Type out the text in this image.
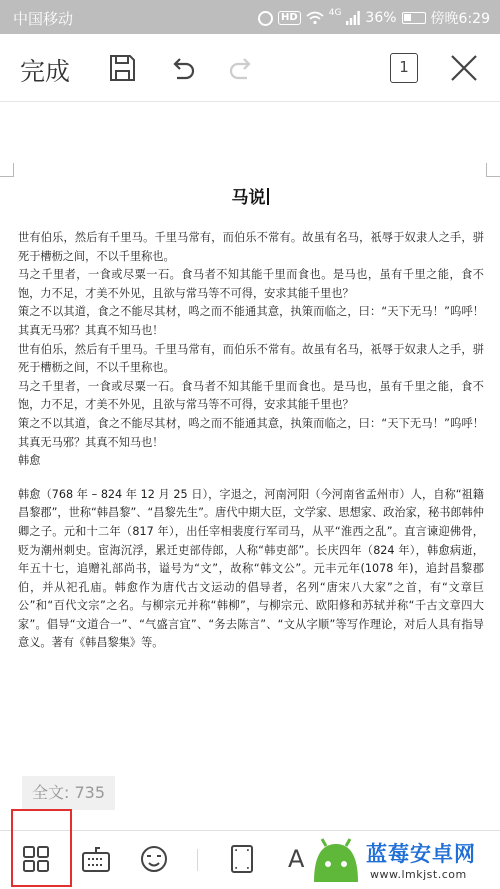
中国移动	HD	4G 36% 傍晚6:29
完成	1
马说

世有伯乐，然后有千里马。千里马常有，而伯乐不常有。故虽有名马，祇辱于奴隶人之手，骈死于槽枥之间，不以千里称也。

马之千里者，一食或尽粟一石。食马者不知其能千里而食也。是马也，虽有千里之能，食不饱，力不足，才美不外见，且欲与常马等不可得，安求其能千里也？

策之不以其道，食之不能尽其材，鸣之而不能通其意，执策而临之，曰：“天下无马！”呜呼！其真无马邪？其真不知马也！

世有伯乐，然后有千里马。千里马常有，而伯乐不常有。故虽有名马，祇辱于奴隶人之手，骈死于槽枥之间，不以千里称也。

马之千里者，一食或尽粟一石。食马者不知其能千里而食也。是马也，虽有千里之能，食不饱，力不足，才美不外见，且欲与常马等不可得，安求其能千里也？

策之不以其道，食之不能尽其材，鸣之而不能通其意，执策而临之，曰：“天下无马！”呜呼！其真无马邪？其真不知马也！

韩愈

韩愈（768 年 – 824 年 12 月 25 日），字退之，河南河阳（今河南省孟州市）人，自称“祖籍昌黎郡”，世称“韩昌黎”、“昌黎先生”。唐代中期大臣，文学家、思想家、政治家，秘书郎韩仲卿之子。元和十二年（817 年），出任宰相裴度行军司马，从平“淮西之乱”。直言谏迎佛骨，贬为潮州刺史。宦海沉浮，累迁吏部侍郎，人称“韩吏部”。长庆四年（824 年），韩愈病逝，年五十七，追赠礼部尚书，谥号为“文”，故称“韩文公”。元丰元年(1078 年)，追封昌黎郡伯，并从祀孔庙。韩愈作为唐代古文运动的倡导者，名列“唐宋八大家”之首，有“文章巨公”和“百代文宗”之名。与柳宗元并称“韩柳”，与柳宗元、欧阳修和苏轼并称“千古文章四大家”。倡导“文道合一”、“气盛言宜”、“务去陈言”、“文从字顺”等写作理论，对后人具有指导意义。著有《韩昌黎集》等。

全文: 735
A	蓝莓安卓网
www.lmkjst.com
